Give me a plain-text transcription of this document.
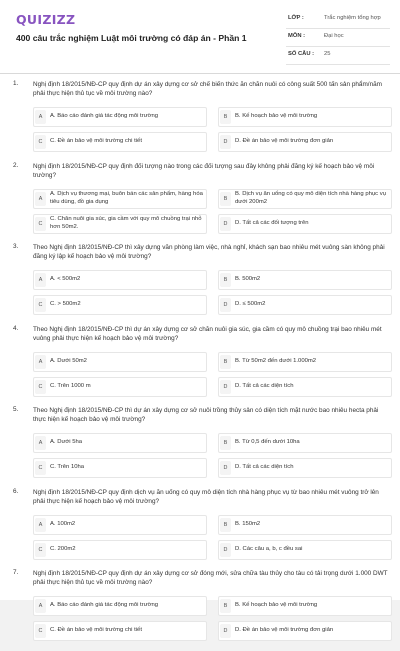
QUIZIZZ
400 câu trắc nghiệm Luật môi trường có đáp án - Phần 1
LỚP :	Trắc nghiệm tổng hợp
MÔN :	Đại học
SỐ CÂU : 25
1. Nghị định 18/2015/NĐ-CP quy định dự án xây dựng cơ sở chế biến thức ăn chăn nuôi có công suất 500 tấn sản phẩm/năm phải thực hiện thủ tục về môi trường nào?
A	A. Báo cáo đánh giá tác động môi trường	B	B. Kế hoạch bảo vệ môi trường
C	C. Đề án bảo vệ môi trường chi tiết	D	D. Đề án bảo vệ môi trường đơn giản
2. Nghị định 18/2015/NĐ-CP quy định đối tượng nào trong các đối tượng sau đây không phải đăng ký kế hoạch bảo vệ môi trường?
A
A. Dịch vụ thương mại, buôn bán các sản phẩm, hàng hóa tiêu dùng, đồ gia dụng	B
B. Dịch vụ ăn uống có quy mô diện tích nhà hàng phục vụ dưới 200m2
C
C. Chăn nuôi gia súc, gia cầm với quy mô chuồng trại nhỏ hơn 50m2.	D	D. Tất cả các đối tượng trên
3. Theo Nghị định 18/2015/NĐ-CP thì xây dựng văn phòng làm việc, nhà nghỉ, khách sạn bao nhiêu mét vuông sàn không phải đăng ký lập kế hoạch bảo vệ môi trường?
A	A. < 500m2	B	B. 500m2
C	C. > 500m2	D	D. ≤ 500m2
4. Theo Nghị định 18/2015/NĐ-CP thì dự án xây dựng cơ sở chăn nuôi gia súc, gia cầm có quy mô chuồng trại bao nhiêu mét vuông phải thực hiện kế hoạch bảo vệ môi trường?
A	A. Dưới 50m2	B	B. Từ 50m2 đến dưới 1.000m2
C	C. Trên 1000 m	D	D. Tất cả các diện tích
5. Theo Nghị định 18/2015/NĐ-CP thì dự án xây dựng cơ sở nuôi trồng thủy sản có diện tích mặt nước bao nhiêu hecta phải thực hiện kế hoạch bảo vệ môi trường?
A	A. Dưới 5ha	B	B. Từ 0,5 đến dưới 10ha
C	C. Trên 10ha	D	D. Tất cả các diện tích
6. Nghị định 18/2015/NĐ-CP quy định dịch vụ ăn uống có quy mô diện tích nhà hàng phục vụ từ bao nhiêu mét vuông trở lên phải thực hiện kế hoạch bảo vệ môi trường?
A	A. 100m2	B	B. 150m2
C	C. 200m2	D	D. Các câu a, b, c đều sai
7. Nghị định 18/2015/NĐ-CP quy định dự án xây dựng cơ sở đóng mới, sửa chữa tàu thủy cho tàu có tải trọng dưới 1.000 DWT phải thực hiện thủ tục về môi trường nào?
A	A. Báo cáo đánh giá tác động môi trường	B	B. Kế hoạch bảo vệ môi trường
C	C. Đề án bảo vệ môi trường chi tiết	D	D. Đề án bảo vệ môi trường đơn giản
